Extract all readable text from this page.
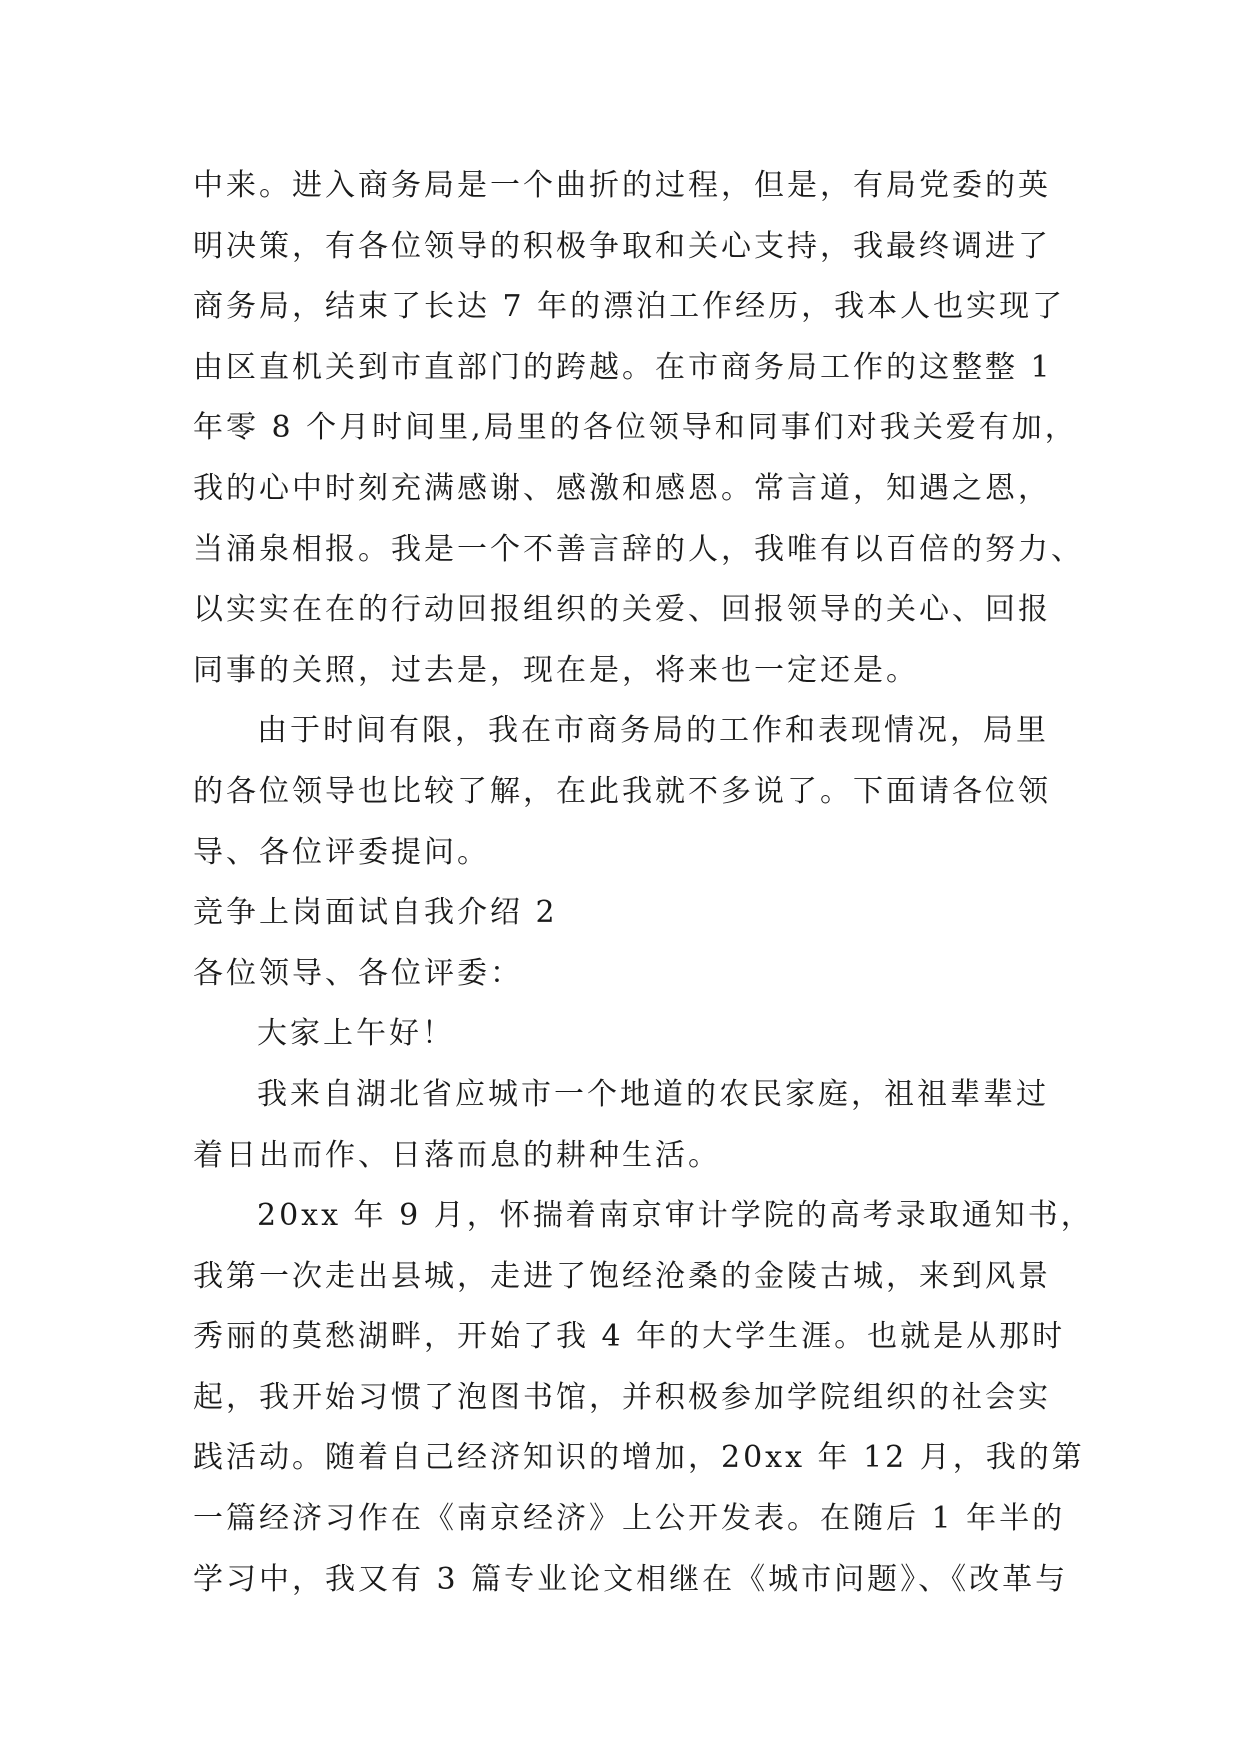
中来。进入商务局是一个曲折的过程，但是，有局党委的英
明决策，有各位领导的积极争取和关心支持，我最终调进了
商务局，结束了长达 7 年的漂泊工作经历，我本人也实现了
由区直机关到市直部门的跨越。在市商务局工作的这整整 1
年零 8 个月时间里,局里的各位领导和同事们对我关爱有加，
我的心中时刻充满感谢、感激和感恩。常言道，知遇之恩，
当涌泉相报。我是一个不善言辞的人，我唯有以百倍的努力、
以实实在在的行动回报组织的关爱、回报领导的关心、回报
同事的关照，过去是，现在是，将来也一定还是。
由于时间有限，我在市商务局的工作和表现情况，局里
的各位领导也比较了解，在此我就不多说了。下面请各位领
导、各位评委提问。
竞争上岗面试自我介绍 2
各位领导、各位评委：
大家上午好！
我来自湖北省应城市一个地道的农民家庭，祖祖辈辈过
着日出而作、日落而息的耕种生活。
20xx 年 9 月，怀揣着南京审计学院的高考录取通知书，
我第一次走出县城，走进了饱经沧桑的金陵古城，来到风景
秀丽的莫愁湖畔，开始了我 4 年的大学生涯。也就是从那时
起，我开始习惯了泡图书馆，并积极参加学院组织的社会实
践活动。随着自己经济知识的增加，20xx 年 12 月，我的第
一篇经济习作在《南京经济》上公开发表。在随后 1 年半的
学习中，我又有 3 篇专业论文相继在《城市问题》、《改革与
